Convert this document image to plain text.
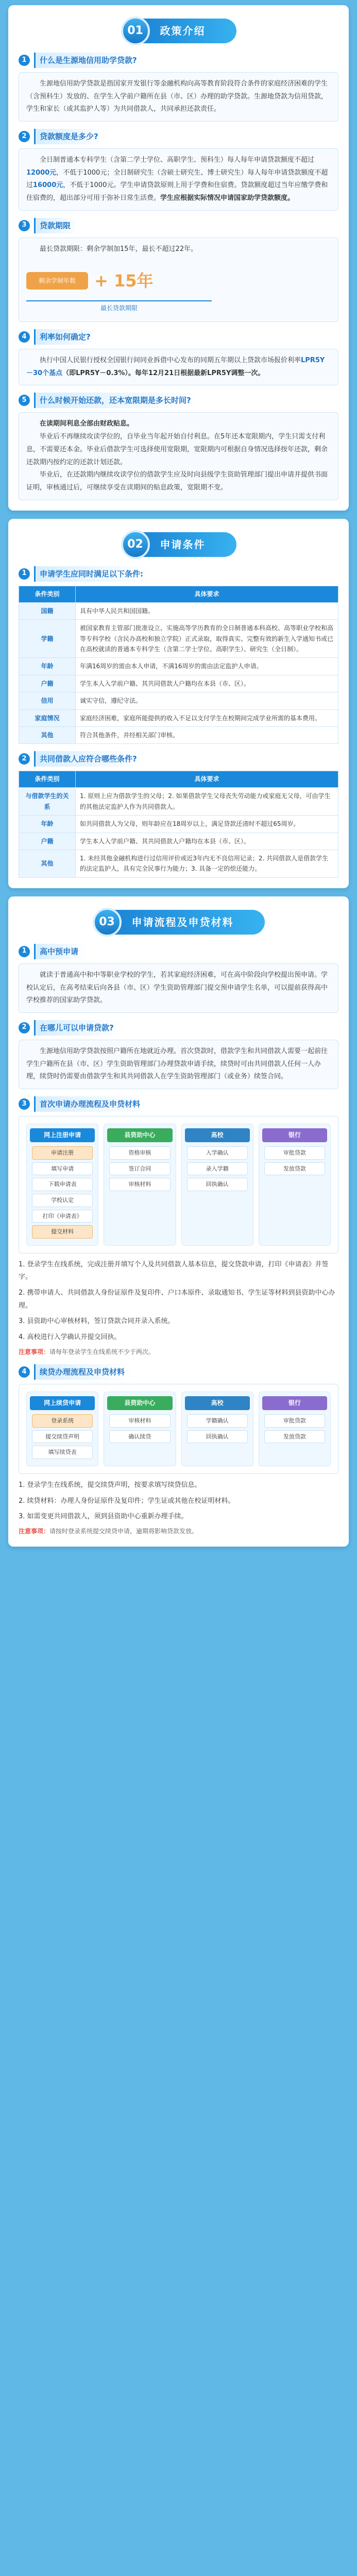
01	政策介绍
1	什么是生源地信用助学贷款?

生源地信用助学贷款是指国家开发银行等金融机构向高等教育阶段符合条件的家庭经济困难的学生（含预科生）发放的、在学生入学前户籍所在县（市、区）办理的助学贷款。生源地贷款为信用贷款，学生和家长（或其监护人等）为共同借款人，共同承担还款责任。

2	贷款额度是多少?

全日制普通本专科学生（含第二学士学位、高职学生、预科生）每人每年申请贷款额度不超过12000元，不低于1000元；全日制研究生（含硕士研究生、博士研究生）每人每年申请贷款额度不超过16000元，不低于1000元。学生申请贷款原则上用于学费和住宿费。贷款额度超过当年应缴学费和住宿费的，超出部分可用于弥补日常生活费。学生应根据实际情况申请国家助学贷款额度。

3	贷款期限

最长贷款期限：剩余学制加15年，最长不超过22年。

剩余学制年数	+ 15年
最长贷款期限
4	利率如何确定?

执行中国人民银行授权全国银行间同业拆借中心发布的同期五年期以上贷款市场报价利率LPR5Y－30个基点（即LPR5Y－0.3%）。每年12月21日根据最新LPR5Y调整一次。

5	什么时候开始还款，还本宽限期是多长时间?

在读期间利息全部由财政贴息。

毕业后不再继续攻读学位的，自毕业当年起开始自付利息。在5年还本宽限期内，学生只需支付利息，不需要还本金。毕业后借款学生可选择使用宽限期，宽限期内可根据自身情况选择按年还款，剩余还款期内按约定的还款计划还款。

毕业后，在还款期内继续攻读学位的借款学生应及时向县级学生资助管理部门提出申请并提供书面证明，审核通过后，可继续享受在读期间的贴息政策，宽限期不变。

02	申请条件
1	申请学生应同时满足以下条件:
条件类别	具体要求
国籍	具有中华人民共和国国籍。
学籍	被国家教育主管部门批准设立、实施高等学历教育的全日制普通本科高校、高等职业学校和高等专科学校（含民办高校和独立学院）正式录取，取得真实、完整有效的新生入学通知书或已在高校就读的普通本专科学生（含第二学士学位、高职学生）、研究生（全日制）。
年龄	年满16周岁的需由本人申请，不满16周岁的需由法定监护人申请。
户籍	学生本人入学前户籍、其共同借款人户籍均在本县（市、区）。
信用	诚实守信，遵纪守法。
家庭情况	家庭经济困难，家庭所能提供的收入不足以支付学生在校期间完成学业所需的基本费用。
其他	符合其他条件，并经相关部门审核。
2	共同借款人应符合哪些条件?
条件类别	具体要求
与借款学生的关系	1. 原则上应为借款学生的父母；2. 如果借款学生父母丧失劳动能力或家庭无父母，可由学生的其他法定监护人作为共同借款人。
年龄	如共同借款人为父母，则年龄应在18周岁以上，满足贷款还清时不超过65周岁。
户籍	学生本人入学前户籍、其共同借款人户籍均在本县（市、区）。
其他	1. 未经其他金融机构进行过信用评价或近3年内无不良信用记录；2. 共同借款人是借款学生的法定监护人，具有完全民事行为能力；3. 具备一定的偿还能力。
03	申请流程及申贷材料
1	高中预申请

就读于普通高中和中等职业学校的学生，若其家庭经济困难，可在高中阶段向学校提出预申请。学校认定后，在高考结束后向各县（市、区）学生资助管理部门提交预申请学生名单，可以提前获得高中学校推荐的国家助学贷款。

2	在哪儿可以申请贷款?

生源地信用助学贷款按照户籍所在地就近办理。首次贷款时，借款学生和共同借款人需要一起前往学生户籍所在县（市、区）学生资助管理部门办理贷款申请手续，续贷时可由共同借款人任何一人办理，续贷时仍需要由借款学生和其共同借款人在学生资助管理部门（或业务）续签合同。

3	首次申请办理流程及申贷材料
网上注册申请
申请注册
填写申请
下载申请表
学校认定
打印《申请表》
提交材料
县资助中心
资格审核
签订合同
审核材料
高校
入学确认
录入学籍
回执确认
银行
审批贷款
发放贷款
1. 登录学生在线系统，完成注册并填写个人及共同借款人基本信息，提交贷款申请，打印《申请表》并签字。
2. 携带申请人、共同借款人身份证原件及复印件、户口本原件、录取通知书、学生证等材料到县资助中心办理。
3. 县资助中心审核材料，签订贷款合同并录入系统。
4. 高校进行入学确认并提交回执。

注意事项：请每年登录学生在线系统不少于两次。

4	续贷办理流程及申贷材料
网上续贷申请
登录系统
提交续贷声明
填写续贷表
县资助中心
审核材料
确认续贷
高校
学籍确认
回执确认
银行
审批贷款
发放贷款
1. 登录学生在线系统，提交续贷声明，按要求填写续贷信息。
2. 续贷材料：办理人身份证原件及复印件；学生证或其他在校证明材料。
3. 如需变更共同借款人，须到县资助中心重新办理手续。

注意事项：请按时登录系统提交续贷申请，逾期将影响贷款发放。
